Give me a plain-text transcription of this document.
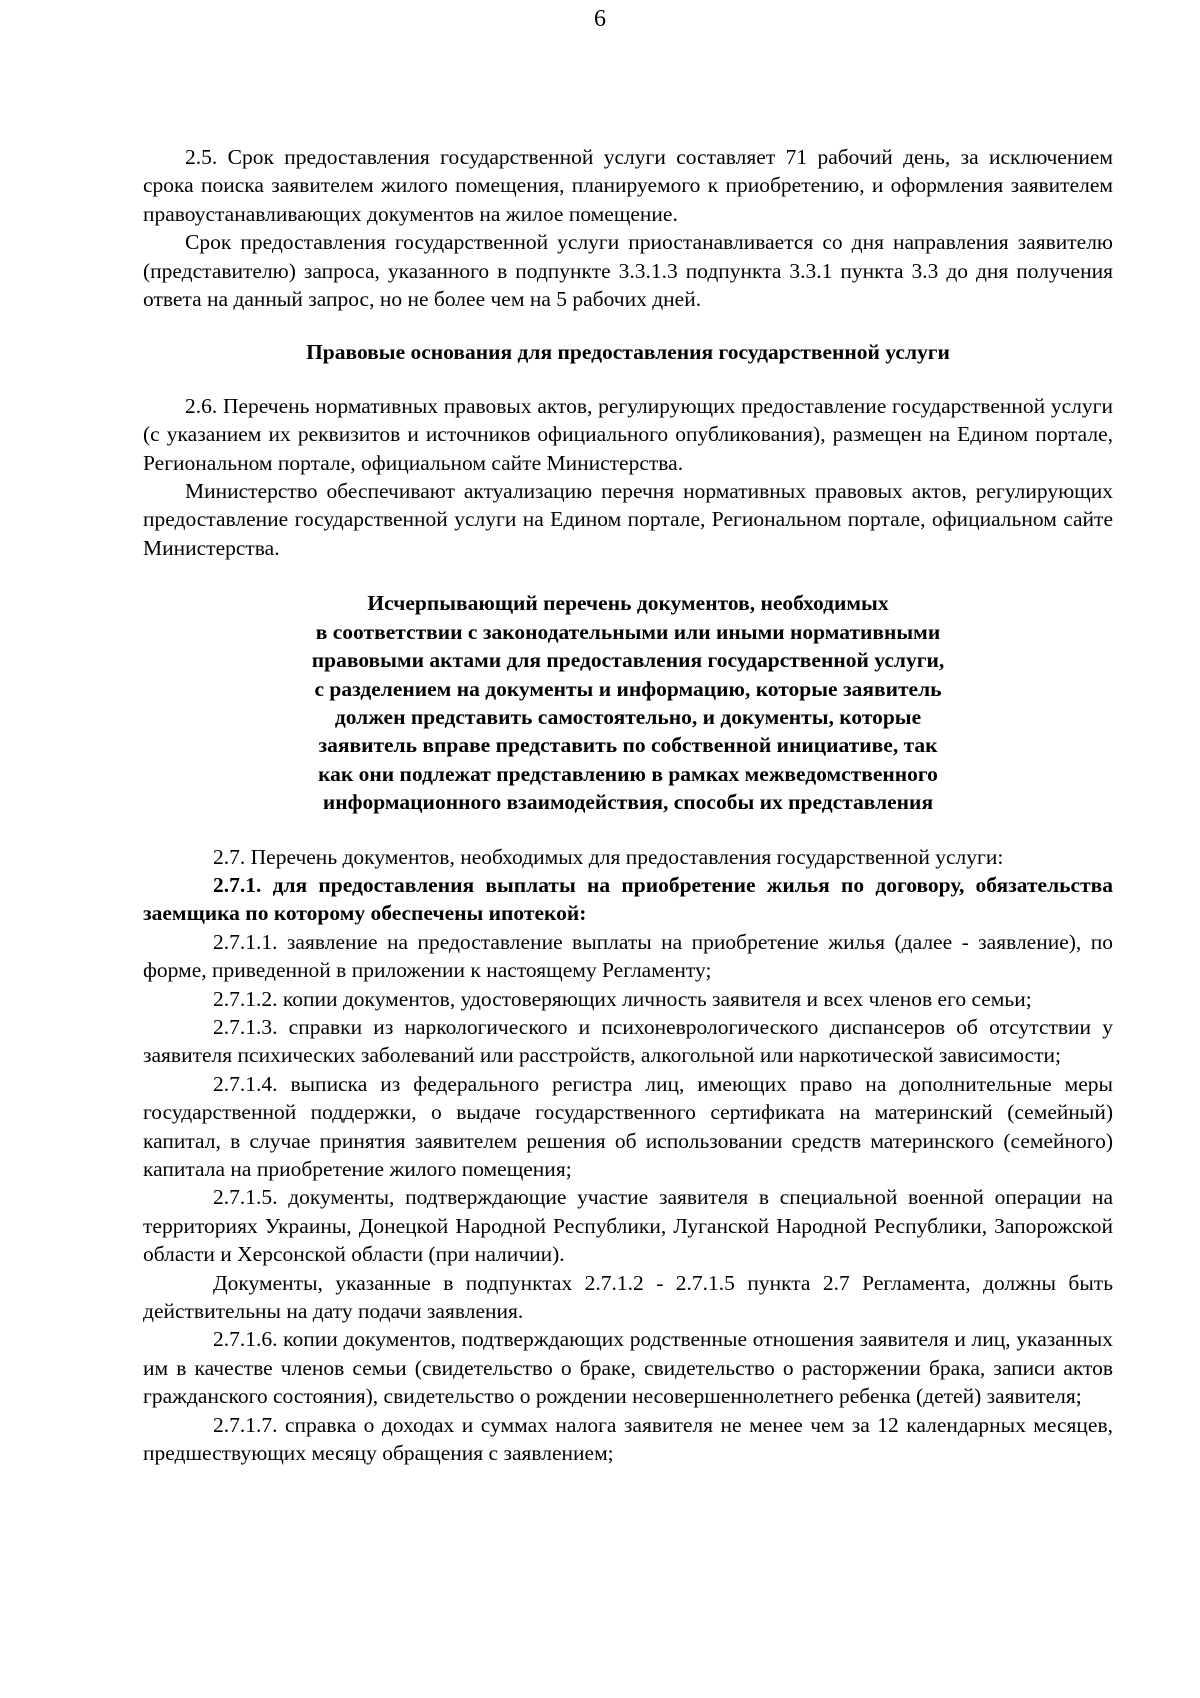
6

2.5. Срок предоставления государственной услуги составляет 71 рабочий день, за исключением срока поиска заявителем жилого помещения, планируемого к приобретению, и оформления заявителем правоустанавливающих документов на жилое помещение.

Срок предоставления государственной услуги приостанавливается со дня направления заявителю (представителю) запроса, указанного в подпункте 3.3.1.3 подпункта 3.3.1 пункта 3.3 до дня получения ответа на данный запрос, но не более чем на 5 рабочих дней.

Правовые основания для предоставления государственной услуги

2.6. Перечень нормативных правовых актов, регулирующих предоставление государственной услуги (с указанием их реквизитов и источников официального опубликования), размещен на Едином портале, Региональном портале, официальном сайте Министерства.

Министерство обеспечивают актуализацию перечня нормативных правовых актов, регулирующих предоставление государственной услуги на Едином портале, Региональном портале, официальном сайте Министерства.

Исчерпывающий перечень документов, необходимых
в соответствии с законодательными или иными нормативными
правовыми актами для предоставления государственной услуги,
с разделением на документы и информацию, которые заявитель
должен представить самостоятельно, и документы, которые
заявитель вправе представить по собственной инициативе, так
как они подлежат представлению в рамках межведомственного
информационного взаимодействия, способы их представления

2.7. Перечень документов, необходимых для предоставления государственной услуги:

2.7.1. для предоставления выплаты на приобретение жилья по договору, обязательства заемщика по которому обеспечены ипотекой:

2.7.1.1. заявление на предоставление выплаты на приобретение жилья (далее - заявление), по форме, приведенной в приложении к настоящему Регламенту;

2.7.1.2. копии документов, удостоверяющих личность заявителя и всех членов его семьи;

2.7.1.3. справки из наркологического и психоневрологического диспансеров об отсутствии у заявителя психических заболеваний или расстройств, алкогольной или наркотической зависимости;

2.7.1.4. выписка из федерального регистра лиц, имеющих право на дополнительные меры государственной поддержки, о выдаче государственного сертификата на материнский (семейный) капитал, в случае принятия заявителем решения об использовании средств материнского (семейного) капитала на приобретение жилого помещения;

2.7.1.5. документы, подтверждающие участие заявителя в специальной военной операции на территориях Украины, Донецкой Народной Республики, Луганской Народной Республики, Запорожской области и Херсонской области (при наличии).

Документы, указанные в подпунктах 2.7.1.2 - 2.7.1.5 пункта 2.7 Регламента, должны быть действительны на дату подачи заявления.

2.7.1.6. копии документов, подтверждающих родственные отношения заявителя и лиц, указанных им в качестве членов семьи (свидетельство о браке, свидетельство о расторжении брака, записи актов гражданского состояния), свидетельство о рождении несовершеннолетнего ребенка (детей) заявителя;

2.7.1.7. справка о доходах и суммах налога заявителя не менее чем за 12 календарных месяцев, предшествующих месяцу обращения с заявлением;
